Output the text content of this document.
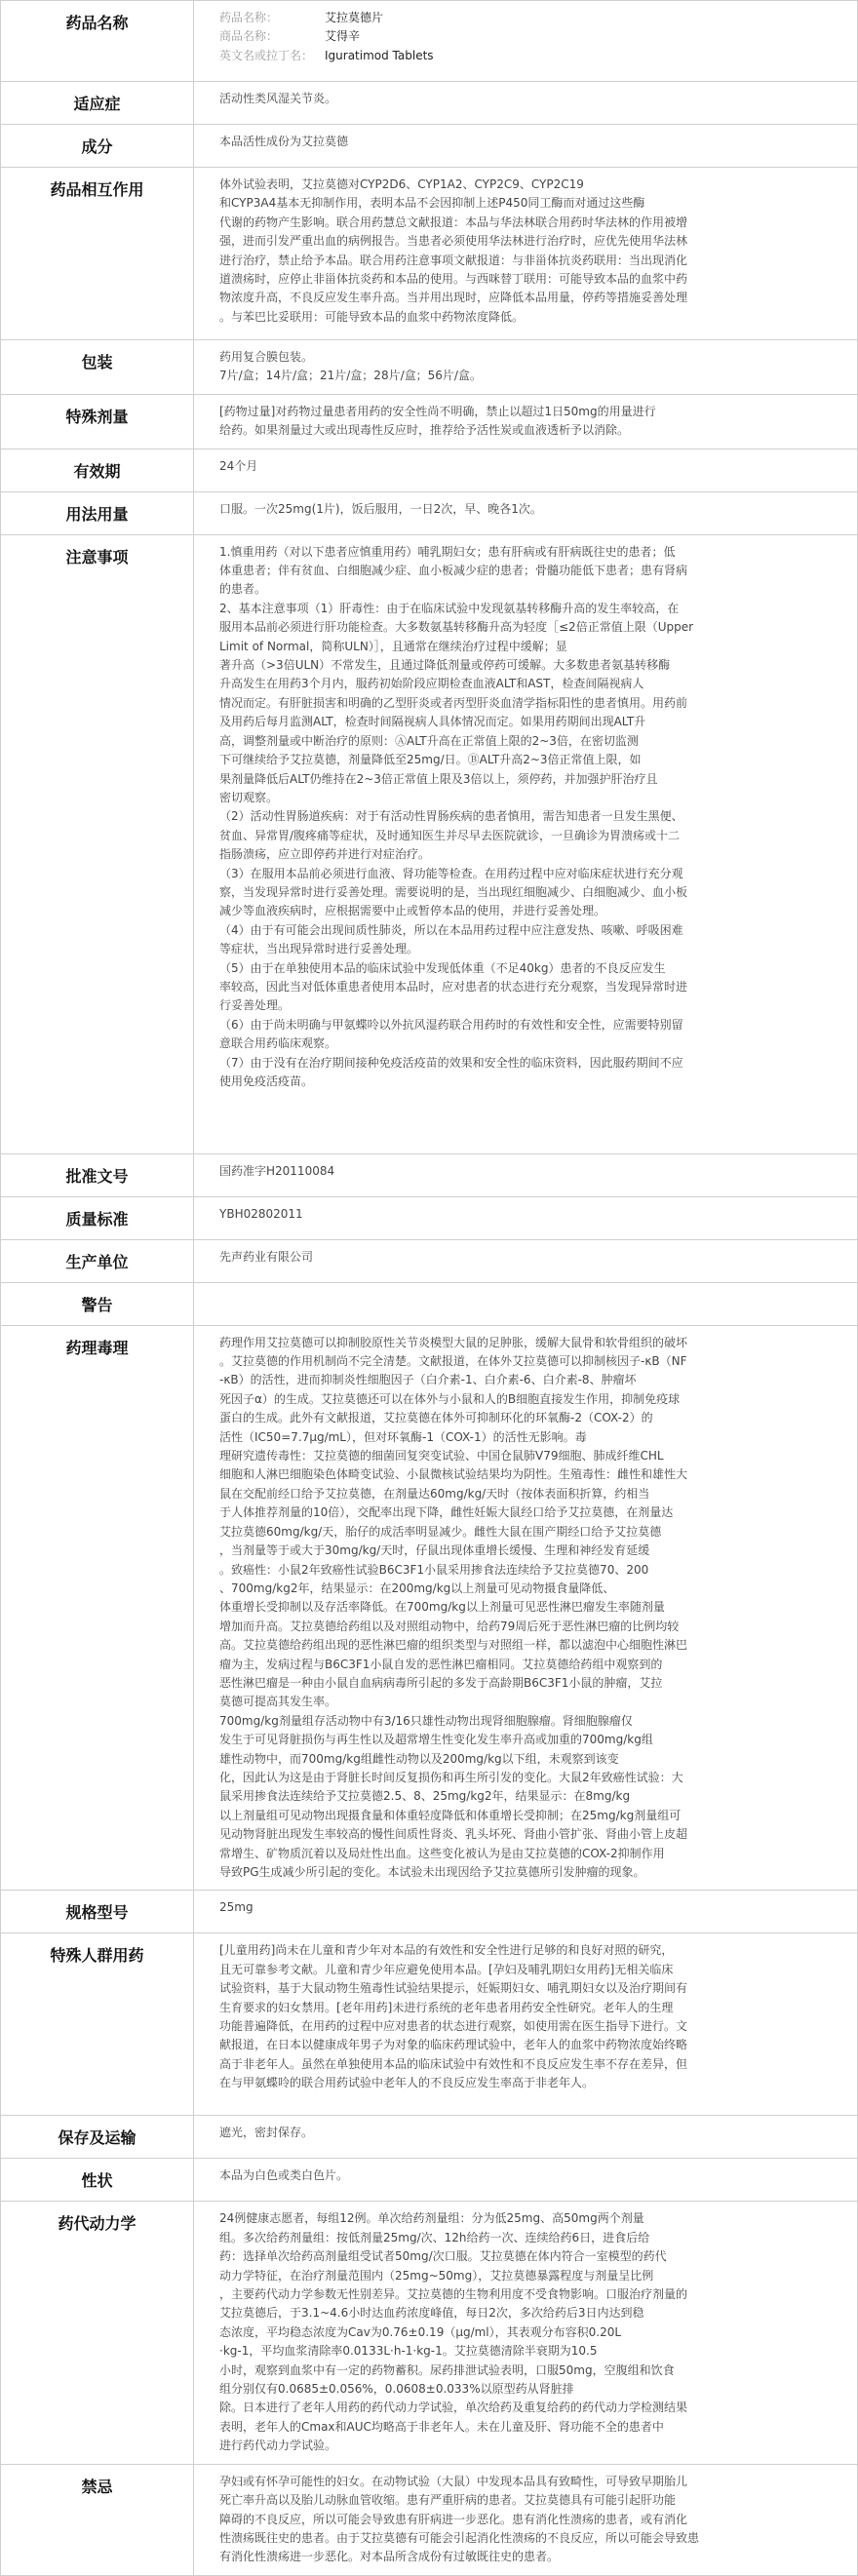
药品名称	药品名称：	艾拉莫德片
商品名称：	艾得辛
英文名或拉丁名： Iguratimod Tablets
适应症	活动性类风湿关节炎。
成分	本品活性成份为艾拉莫德
药品相互作用	体外试验表明，艾拉莫德对CYP2D6、CYP1A2、CYP2C9、CYP2C19
和CYP3A4基本无抑制作用，表明本品不会因抑制上述P450同工酶而对通过这些酶
代谢的药物产生影响。联合用药慧总文献报道：本品与华法林联合用药时华法林的作用被增
强，进而引发严重出血的病例报告。当患者必须使用华法林进行治疗时，应优先使用华法林
进行治疗，禁止给予本品。联合用药注意事项文献报道：与非甾体抗炎药联用：当出现消化
道溃疡时，应停止非甾体抗炎药和本品的使用。与西咪替丁联用：可能导致本品的血浆中药
物浓度升高，不良反应发生率升高。当并用出现时，应降低本品用量，停药等措施妥善处理
。与苯巴比妥联用：可能导致本品的血浆中药物浓度降低。
包装	药用复合膜包装。
7片/盒；14片/盒；21片/盒；28片/盒；56片/盒。
特殊剂量	[药物过量]对药物过量患者用药的安全性尚不明确，禁止以超过1日50mg的用量进行
给药。如果剂量过大或出现毒性反应时，推荐给予活性炭或血液透析予以消除。
有效期	24个月
用法用量	口服。一次25mg(1片)，饭后服用，一日2次，早、晚各1次。
注意事项	1.慎重用药（对以下患者应慎重用药）哺乳期妇女；患有肝病或有肝病既往史的患者；低
体重患者；伴有贫血、白细胞减少症、血小板减少症的患者；骨髓功能低下患者；患有肾病
的患者。
2、基本注意事项（1）肝毒性：由于在临床试验中发现氨基转移酶升高的发生率较高，在
服用本品前必须进行肝功能检查。大多数氨基转移酶升高为轻度［≤2倍正常值上限（Upper
Limit of Normal，简称ULN）］，且通常在继续治疗过程中缓解；显
著升高（>3倍ULN）不常发生，且通过降低剂量或停药可缓解。大多数患者氨基转移酶
升高发生在用药3个月内，服药初始阶段应期检查血液ALT和AST，检查间隔视病人
情况而定。有肝脏损害和明确的乙型肝炎或者丙型肝炎血清学指标阳性的患者慎用。用药前
及用药后每月监测ALT，检查时间隔视病人具体情况而定。如果用药期间出现ALT升
高，调整剂量或中断治疗的原则：ⒶALT升高在正常值上限的2~3倍，在密切监测
下可继续给予艾拉莫德，剂量降低至25mg/日。ⒷALT升高2~3倍正常值上限，如
果剂量降低后ALT仍维持在2~3倍正常值上限及3倍以上，须停药，并加强护肝治疗且
密切观察。
（2）活动性胃肠道疾病：对于有活动性胃肠疾病的患者慎用，需告知患者一旦发生黑便、
贫血、异常胃/腹疼痛等症状，及时通知医生并尽早去医院就诊，一旦确诊为胃溃疡或十二
指肠溃疡，应立即停药并进行对症治疗。
（3）在服用本品前必须进行血液、肾功能等检查。在用药过程中应对临床症状进行充分观
察，当发现异常时进行妥善处理。需要说明的是，当出现红细胞减少、白细胞减少、血小板
减少等血液疾病时，应根据需要中止或暂停本品的使用，并进行妥善处理。
（4）由于有可能会出现间质性肺炎，所以在本品用药过程中应注意发热、咳嗽、呼吸困难
等症状，当出现异常时进行妥善处理。
（5）由于在单独使用本品的临床试验中发现低体重（不足40kg）患者的不良反应发生
率较高，因此当对低体重患者使用本品时，应对患者的状态进行充分观察，当发现异常时进
行妥善处理。
（6）由于尚未明确与甲氨蝶呤以外抗风湿药联合用药时的有效性和安全性，应需要特别留
意联合用药临床观察。
（7）由于没有在治疗期间接种免疫活疫苗的效果和安全性的临床资料，因此服药期间不应
使用免疫活疫苗。
批准文号	国药准字H20110084
质量标准	YBH02802011
生产单位	先声药业有限公司
警告
药理毒理	药理作用艾拉莫德可以抑制胶原性关节炎模型大鼠的足肿胀，缓解大鼠骨和软骨组织的破坏
。艾拉莫德的作用机制尚不完全清楚。文献报道，在体外艾拉莫德可以抑制核因子-κB（NF
-κB）的活性，进而抑制炎性细胞因子（白介素-1、白介素-6、白介素-8、肿瘤坏
死因子α）的生成。艾拉莫德还可以在体外与小鼠和人的B细胞直接发生作用，抑制免疫球
蛋白的生成。此外有文献报道，艾拉莫德在体外可抑制环化的环氧酶-2（COX-2）的
活性（IC50=7.7μg/mL），但对环氧酶-1（COX-1）的活性无影响。毒
理研究遗传毒性：艾拉莫德的细菌回复突变试验、中国仓鼠肺V79细胞、肺成纤维CHL
细胞和人淋巴细胞染色体畸变试验、小鼠微核试验结果均为阴性。生殖毒性：雌性和雄性大
鼠在交配前经口给予艾拉莫德，在剂量达60mg/kg/天时（按体表面积折算，约相当
于人体推荐剂量的10倍），交配率出现下降，雌性妊娠大鼠经口给予艾拉莫德，在剂量达
艾拉莫德60mg/kg/天，胎仔的成活率明显减少。雌性大鼠在围产期经口给予艾拉莫德
，当剂量等于或大于30mg/kg/天时，仔鼠出现体重增长缓慢、生理和神经发育延缓
。致癌性：小鼠2年致癌性试验B6C3F1小鼠采用掺食法连续给予艾拉莫德70、200
、700mg/kg2年，结果显示：在200mg/kg以上剂量可见动物摄食量降低、
体重增长受抑制以及存活率降低。在700mg/kg以上剂量可见恶性淋巴瘤发生率随剂量
增加而升高。艾拉莫德给药组以及对照组动物中，给药79周后死于恶性淋巴瘤的比例均较
高。艾拉莫德给药组出现的恶性淋巴瘤的组织类型与对照组一样，都以滤泡中心细胞性淋巴
瘤为主，发病过程与B6C3F1小鼠自发的恶性淋巴瘤相同。艾拉莫德给药组中观察到的
恶性淋巴瘤是一种由小鼠自血病病毒所引起的多发于高龄期B6C3F1小鼠的肿瘤，艾拉
莫德可提高其发生率。
700mg/kg剂量组存活动物中有3/16只雄性动物出现肾细胞腺瘤。肾细胞腺瘤仅
发生于可见肾脏损伤与再生性以及超常增生性变化发生率升高或加重的700mg/kg组
雄性动物中，而700mg/kg组雌性动物以及200mg/kg以下组，未观察到该变
化，因此认为这是由于肾脏长时间反复损伤和再生所引发的变化。大鼠2年致癌性试验：大
鼠采用掺食法连续给予艾拉莫德2.5、8、25mg/kg2年，结果显示：在8mg/kg
以上剂量组可见动物出现摄食量和体重轻度降低和体重增长受抑制；在25mg/kg剂量组可
见动物肾脏出现发生率较高的慢性间质性肾炎、乳头坏死、肾曲小管扩张、肾曲小管上皮超
常增生、矿物质沉着以及局灶性出血。这些变化被认为是由艾拉莫德的COX-2抑制作用
导致PG生成减少所引起的变化。本试验未出现因给予艾拉莫德所引发肿瘤的现象。
规格型号	25mg
特殊人群用药	[儿童用药]尚未在儿童和青少年对本品的有效性和安全性进行足够的和良好对照的研究，
且无可靠参考文献。儿童和青少年应避免使用本品。[孕妇及哺乳期妇女用药]无相关临床
试验资料，基于大鼠动物生殖毒性试验结果提示，妊娠期妇女、哺乳期妇女以及治疗期间有
生育要求的妇女禁用。[老年用药]未进行系统的老年患者用药安全性研究。老年人的生理
功能普遍降低，在用药的过程中应对患者的状态进行观察，如使用需在医生指导下进行。文
献报道，在日本以健康成年男子为对象的临床药理试验中，老年人的血浆中药物浓度始终略
高于非老年人。虽然在单独使用本品的临床试验中有效性和不良反应发生率不存在差异，但
在与甲氨蝶呤的联合用药试验中老年人的不良反应发生率高于非老年人。
保存及运输	遮光，密封保存。
性状	本品为白色或类白色片。
药代动力学	24例健康志愿者，每组12例。单次给药剂量组：分为低25mg、高50mg两个剂量
组。多次给药剂量组：按低剂量25mg/次、12h给药一次、连续给药6日，进食后给
药：选择单次给药高剂量组受试者50mg/次口服。艾拉莫德在体内符合一室模型的药代
动力学特征，在治疗剂量范围内（25mg~50mg），艾拉莫德暴露程度与剂量呈比例
，主要药代动力学参数无性别差异。艾拉莫德的生物利用度不受食物影响。口服治疗剂量的
艾拉莫德后，于3.1~4.6小时达血药浓度峰值，每日2次，多次给药后3日内达到稳
态浓度，平均稳态浓度为Cav为0.76±0.19（μg/ml），其表观分布容积0.20L
·kg-1，平均血浆清除率0.0133L·h-1·kg-1。艾拉莫德清除半衰期为10.5
小时，观察到血浆中有一定的药物蓄积。尿药排泄试验表明，口服50mg，空腹组和饮食
组分别仅有0.0685±0.056%，0.0608±0.033%以原型药从肾脏排
除。日本进行了老年人用药的药代动力学试验，单次给药及重复给药的药代动力学检测结果
表明，老年人的Cmax和AUC均略高于非老年人。未在儿童及肝、肾功能不全的患者中
进行药代动力学试验。
禁忌	孕妇或有怀孕可能性的妇女。在动物试验（大鼠）中发现本品具有致畸性，可导致早期胎儿
死亡率升高以及胎儿动脉血管收缩。患有严重肝病的患者。艾拉莫德具有可能引起肝功能
障碍的不良反应，所以可能会导致患有肝病进一步恶化。患有消化性溃疡的患者，或有消化
性溃疡既往史的患者。由于艾拉莫德有可能会引起消化性溃疡的不良反应，所以可能会导致患
有消化性溃疡进一步恶化。对本品所含成份有过敏既往史的患者。
